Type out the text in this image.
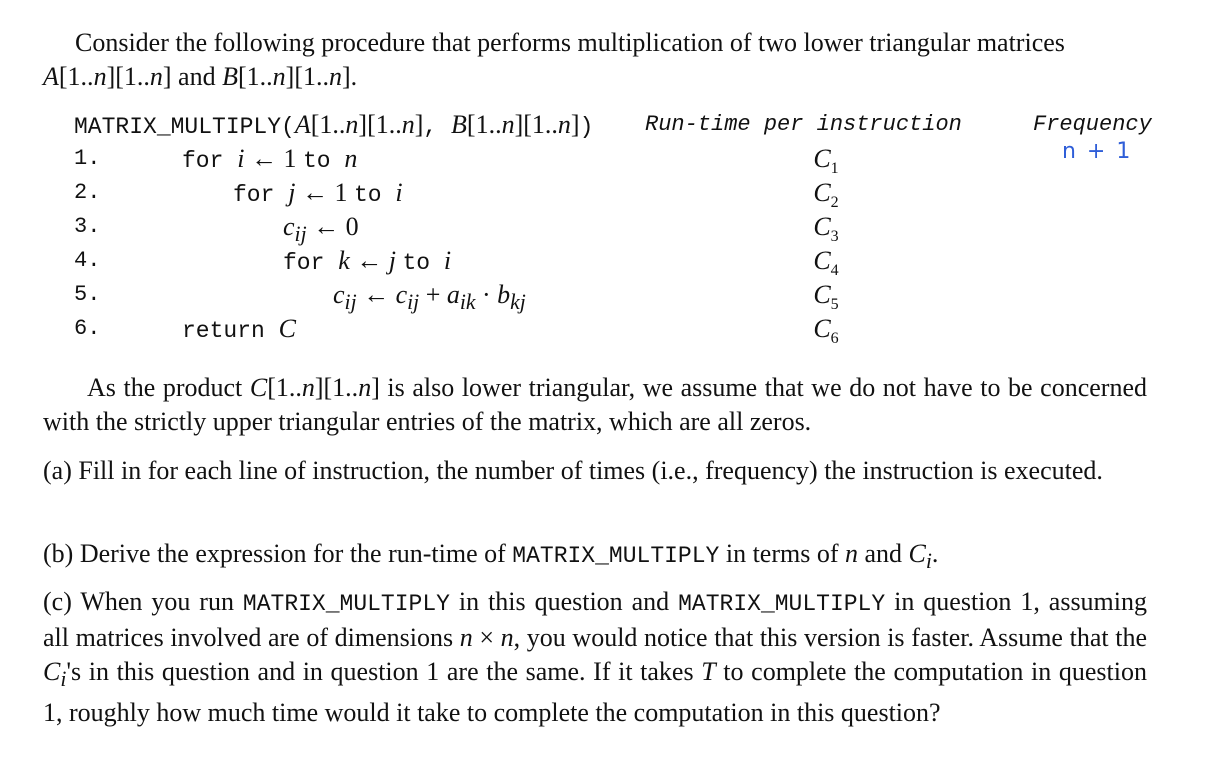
Consider the following procedure that performs multiplication of two lower triangular matrices
A[1..n][1..n] and B[1..n][1..n].
MATRIX_MULTIPLY(A[1..n][1..n], B[1..n][1..n]) Run-time per instruction	Frequency
1.
2.
3.
4.
5.
6.
for i ← 1 to n
for j ← 1 to i
$c_{ij}$ ← 0
for k ← j to i
$c_{ij}$ ← $c_{ij} + a_{ik} \cdot b_{kj}$
return C
$C_1$
$C_2$
$C_3$
$C_4$
$C_5$
$C_6$
n + 1
As the product C[1..n][1..n] is also lower triangular, we assume that we do not have to be concerned with the strictly upper triangular entries of the matrix, which are all zeros.
(a) Fill in for each line of instruction, the number of times (i.e., frequency) the instruction is executed.
(b) Derive the expression for the run-time of MATRIX_MULTIPLY in terms of n and $C_i$.
(c) When you run MATRIX_MULTIPLY in this question and MATRIX_MULTIPLY in question 1, assuming all matrices involved are of dimensions n × n, you would notice that this version is faster. Assume that the $C_i's$ in this question and in question 1 are the same. If it takes T to complete the computation in question 1, roughly how much time would it take to complete the computation in this question?
